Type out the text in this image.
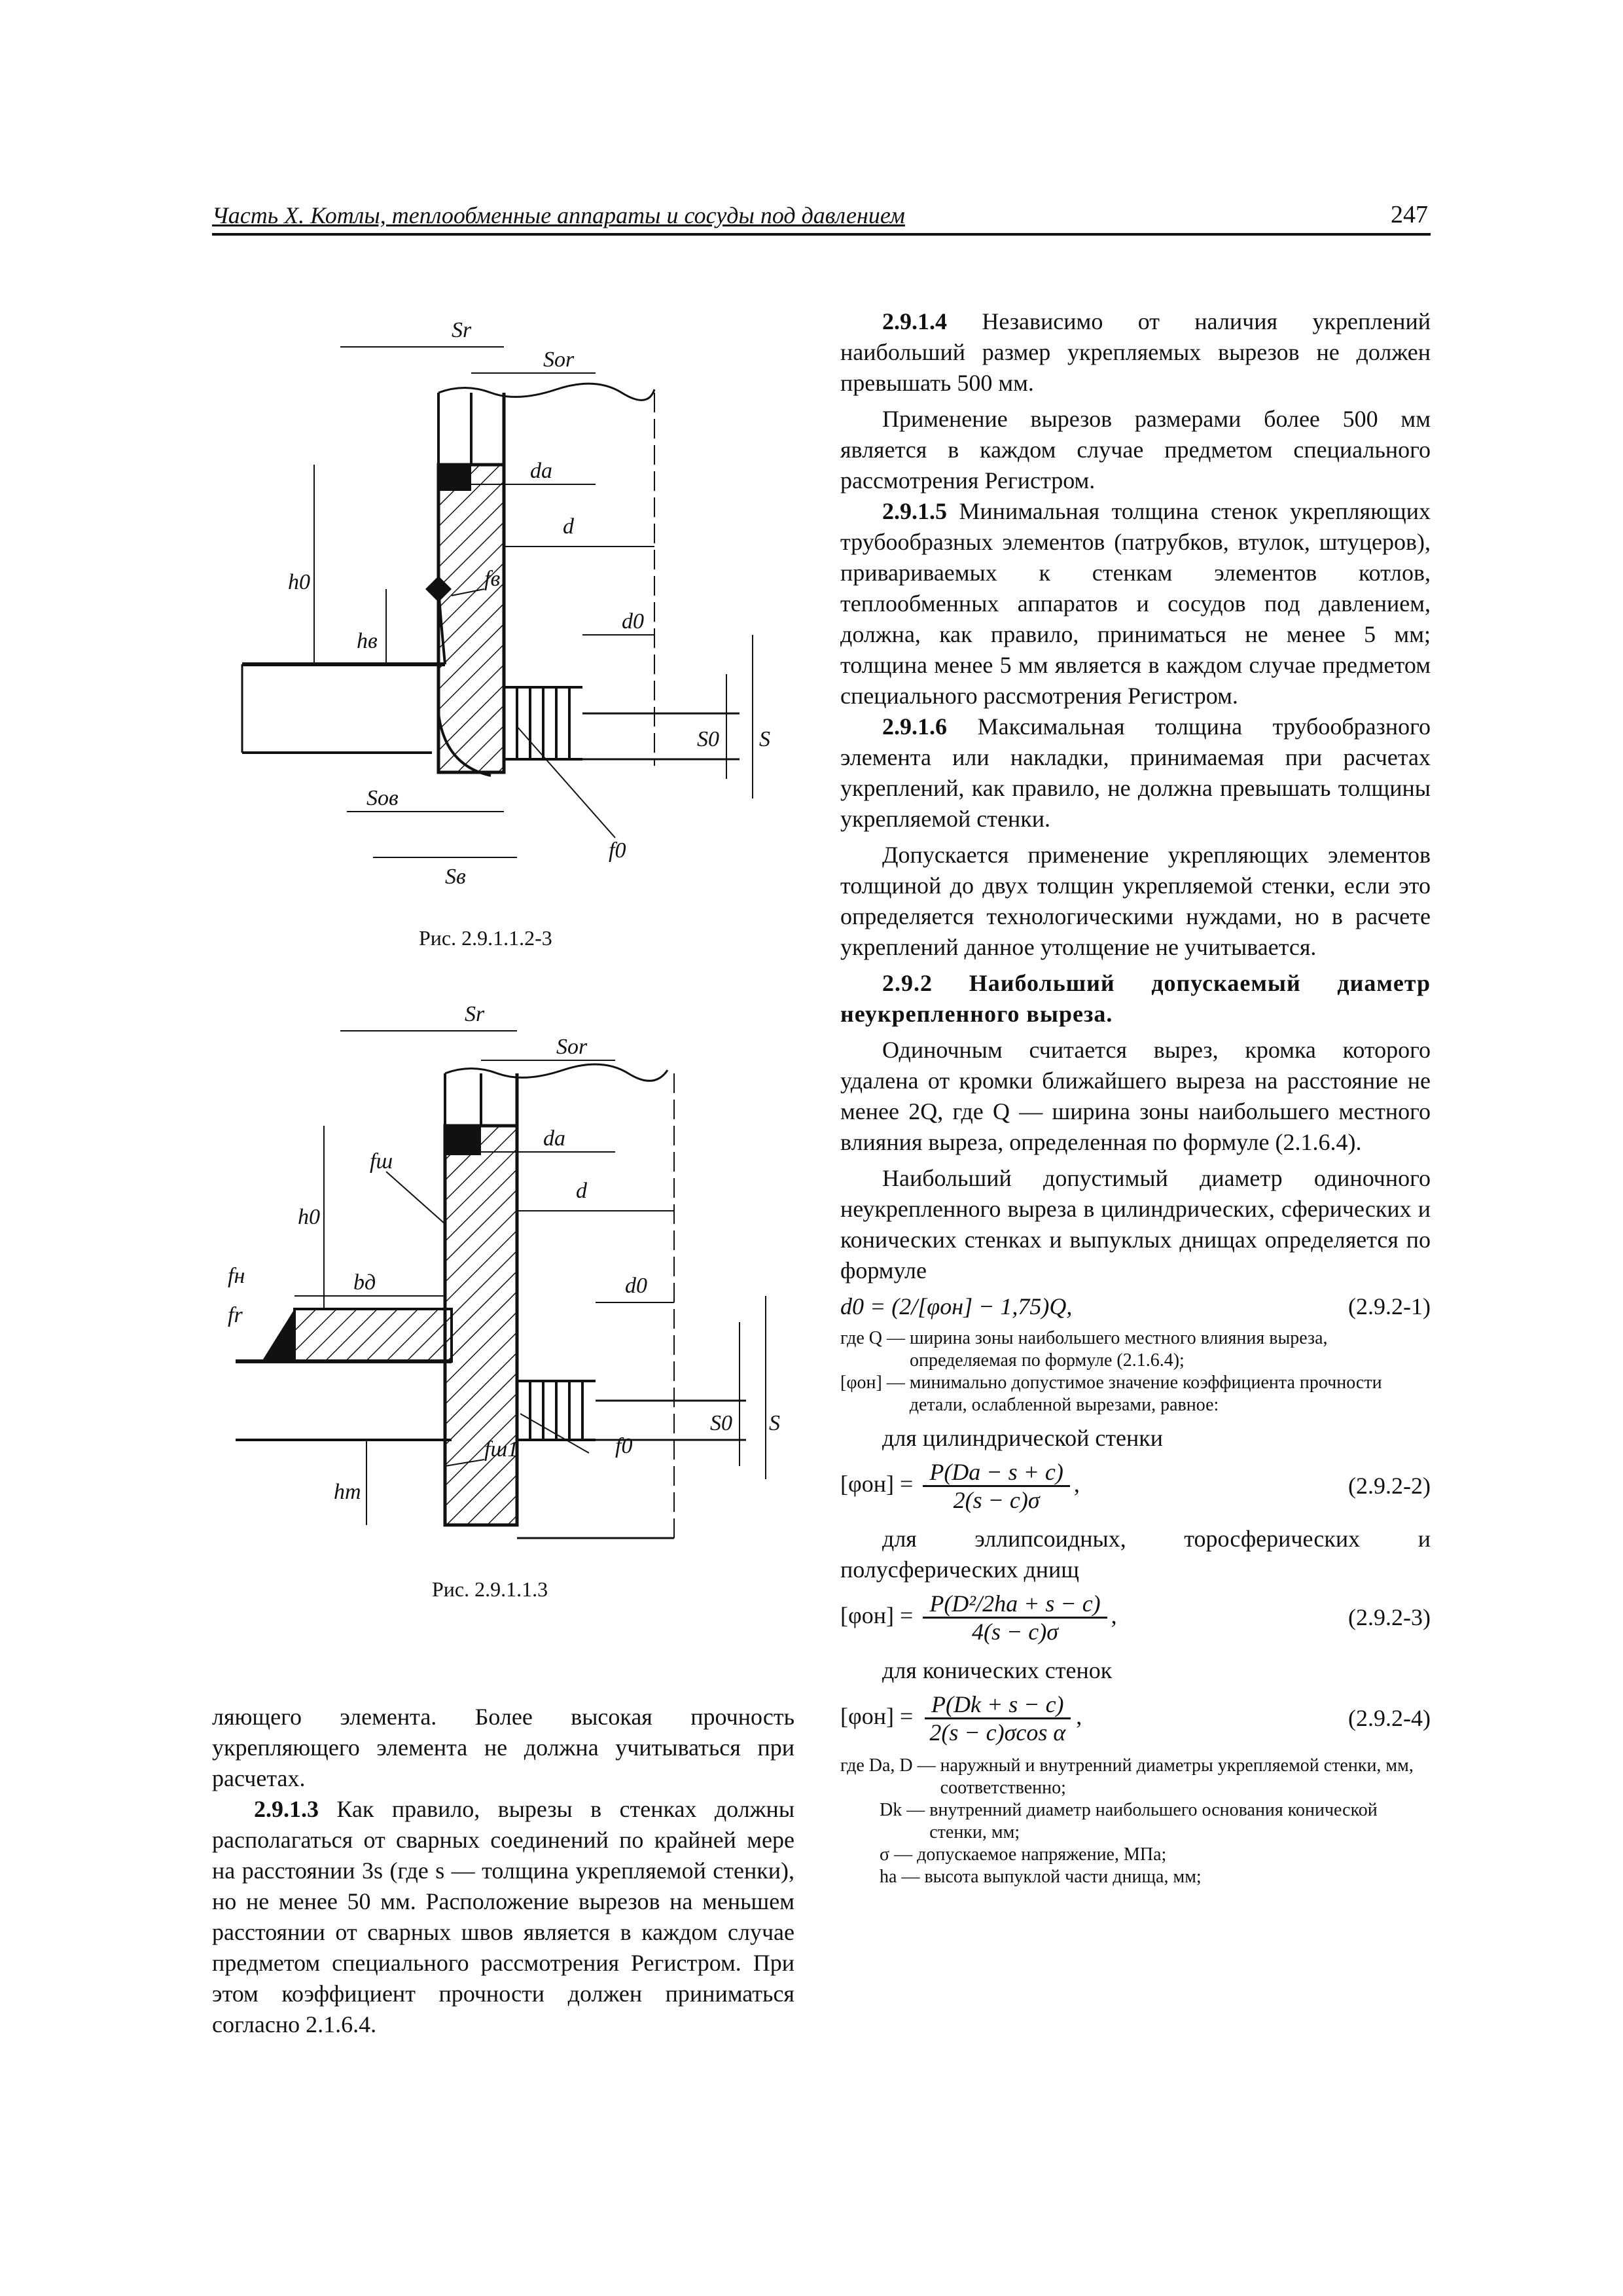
Часть X. Котлы, теплообменные аппараты и сосуды под давлением	247
Sr
Sor
da
d
fв
h0
hв
d0
S0 S
Sов
f0
Sв
Рис. 2.9.1.1.2-3
Sr
Sor
da
d
fш
h0
fн	bд
fr
d0
S0 S
fш1	f0
hm
Рис. 2.9.1.1.3

ляющего элемента. Более высокая прочность укрепляющего элемента не должна учитываться при расчетах.

2.9.1.3 Как правило, вырезы в стенках должны располагаться от сварных соединений по крайней мере на расстоянии 3s (где s — толщина укрепляемой стенки), но не менее 50 мм. Расположение вырезов на меньшем расстоянии от сварных швов является в каждом случае предметом специального рассмотрения Регистром. При этом коэффициент прочности должен приниматься согласно 2.1.6.4.

2.9.1.4 Независимо от наличия укреплений наибольший размер укрепляемых вырезов не должен превышать 500 мм.

Применение вырезов размерами более 500 мм является в каждом случае предметом специального рассмотрения Регистром.

2.9.1.5 Минимальная толщина стенок укрепляющих трубообразных элементов (патрубков, втулок, штуцеров), привариваемых к стенкам элементов котлов, теплообменных аппаратов и сосудов под давлением, должна, как правило, приниматься не менее 5 мм; толщина менее 5 мм является в каждом случае предметом специального рассмотрения Регистром.

2.9.1.6 Максимальная толщина трубообразного элемента или накладки, принимаемая при расчетах укреплений, как правило, не должна превышать толщины укрепляемой стенки.

Допускается применение укрепляющих элементов толщиной до двух толщин укрепляемой стенки, если это определяется технологическими нуждами, но в расчете укреплений данное утолщение не учитывается.

2.9.2 Наибольший допускаемый диаметр неукрепленного выреза.

Одиночным считается вырез, кромка которого удалена от кромки ближайшего выреза на расстояние не менее 2Q, где Q — ширина зоны наибольшего местного влияния выреза, определенная по формуле (2.1.6.4).

Наибольший допустимый диаметр одиночного неукрепленного выреза в цилиндрических, сферических и конических стенках и выпуклых днищах определяется по формуле

d0 = (2/[φон] − 1,75)Q,	(2.9.2-1)
где Q — ширина зоны наибольшего местного влияния выреза, определяемая по формуле (2.1.6.4);
[φон] — минимально допустимое значение коэффициента прочности детали, ослабленной вырезами, равное:

для цилиндрической стенки

$[\varphi он] = \frac{P(Da - s + c)}{2(s - c)\sigma}$ ,	(2.9.2-2)

для эллипсоидных, торосферических и полусферических днищ

$[\varphi он] = \frac{\text{P(D²/2ha + s − c)}}{4(s - c)\sigma}$ ,	(2.9.2-3)

для конических стенок

$[\varphi он] = \frac{P(Dk + s - c)}{\text{2(s − c)σcos α}}$ ,	(2.9.2-4)
где Da, D — наружный и внутренний диаметры укрепляемой стенки, мм, соответственно;
Dk — внутренний диаметр наибольшего основания конической стенки, мм;
σ — допускаемое напряжение, МПа;
ha — высота выпуклой части днища, мм;
